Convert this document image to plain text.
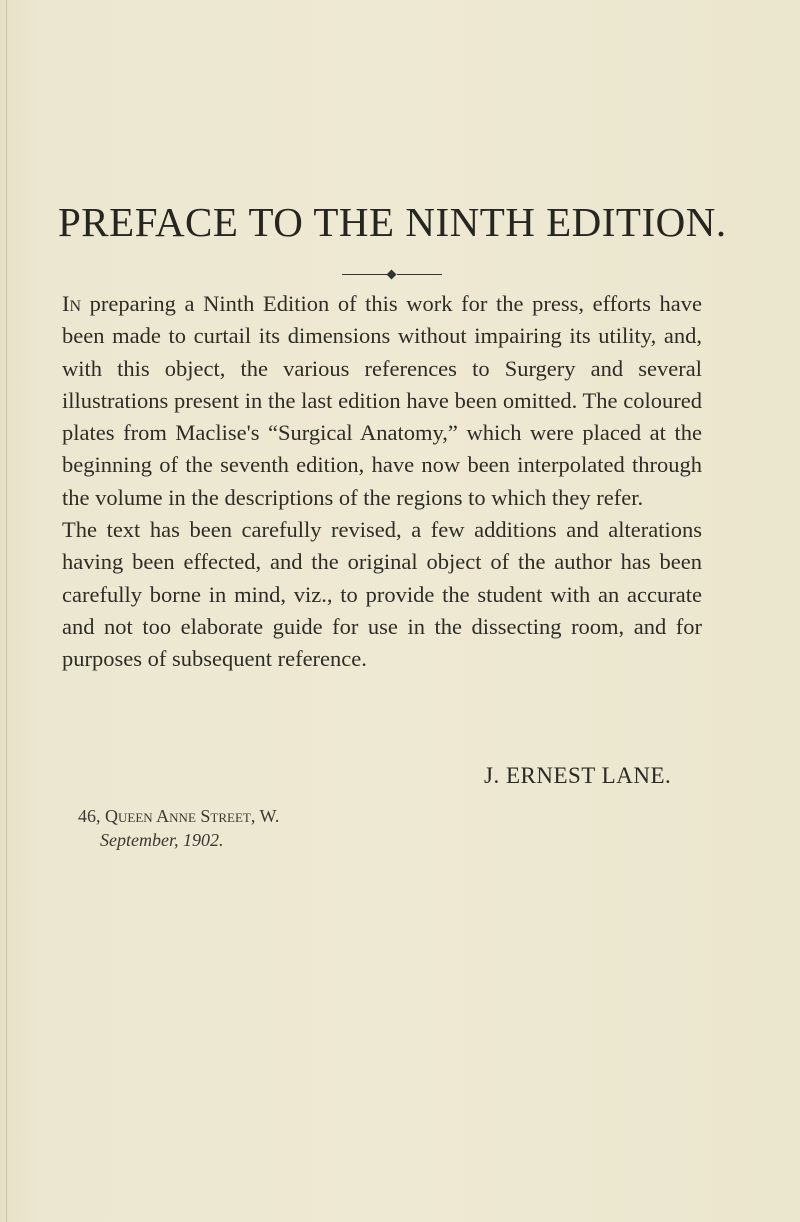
PREFACE TO THE NINTH EDITION.

In preparing a Ninth Edition of this work for the press, efforts have been made to curtail its dimensions without impairing its utility, and, with this object, the various references to Surgery and several illustrations present in the last edition have been omitted. The coloured plates from Maclise's “Surgical Anatomy,” which were placed at the beginning of the seventh edition, have now been interpolated through the volume in the descriptions of the regions to which they refer.

The text has been carefully revised, a few additions and alterations having been effected, and the original object of the author has been carefully borne in mind, viz., to provide the student with an accurate and not too elaborate guide for use in the dissecting room, and for purposes of subsequent reference.

J. ERNEST LANE.
46, Queen Anne Street, W.
September, 1902.
